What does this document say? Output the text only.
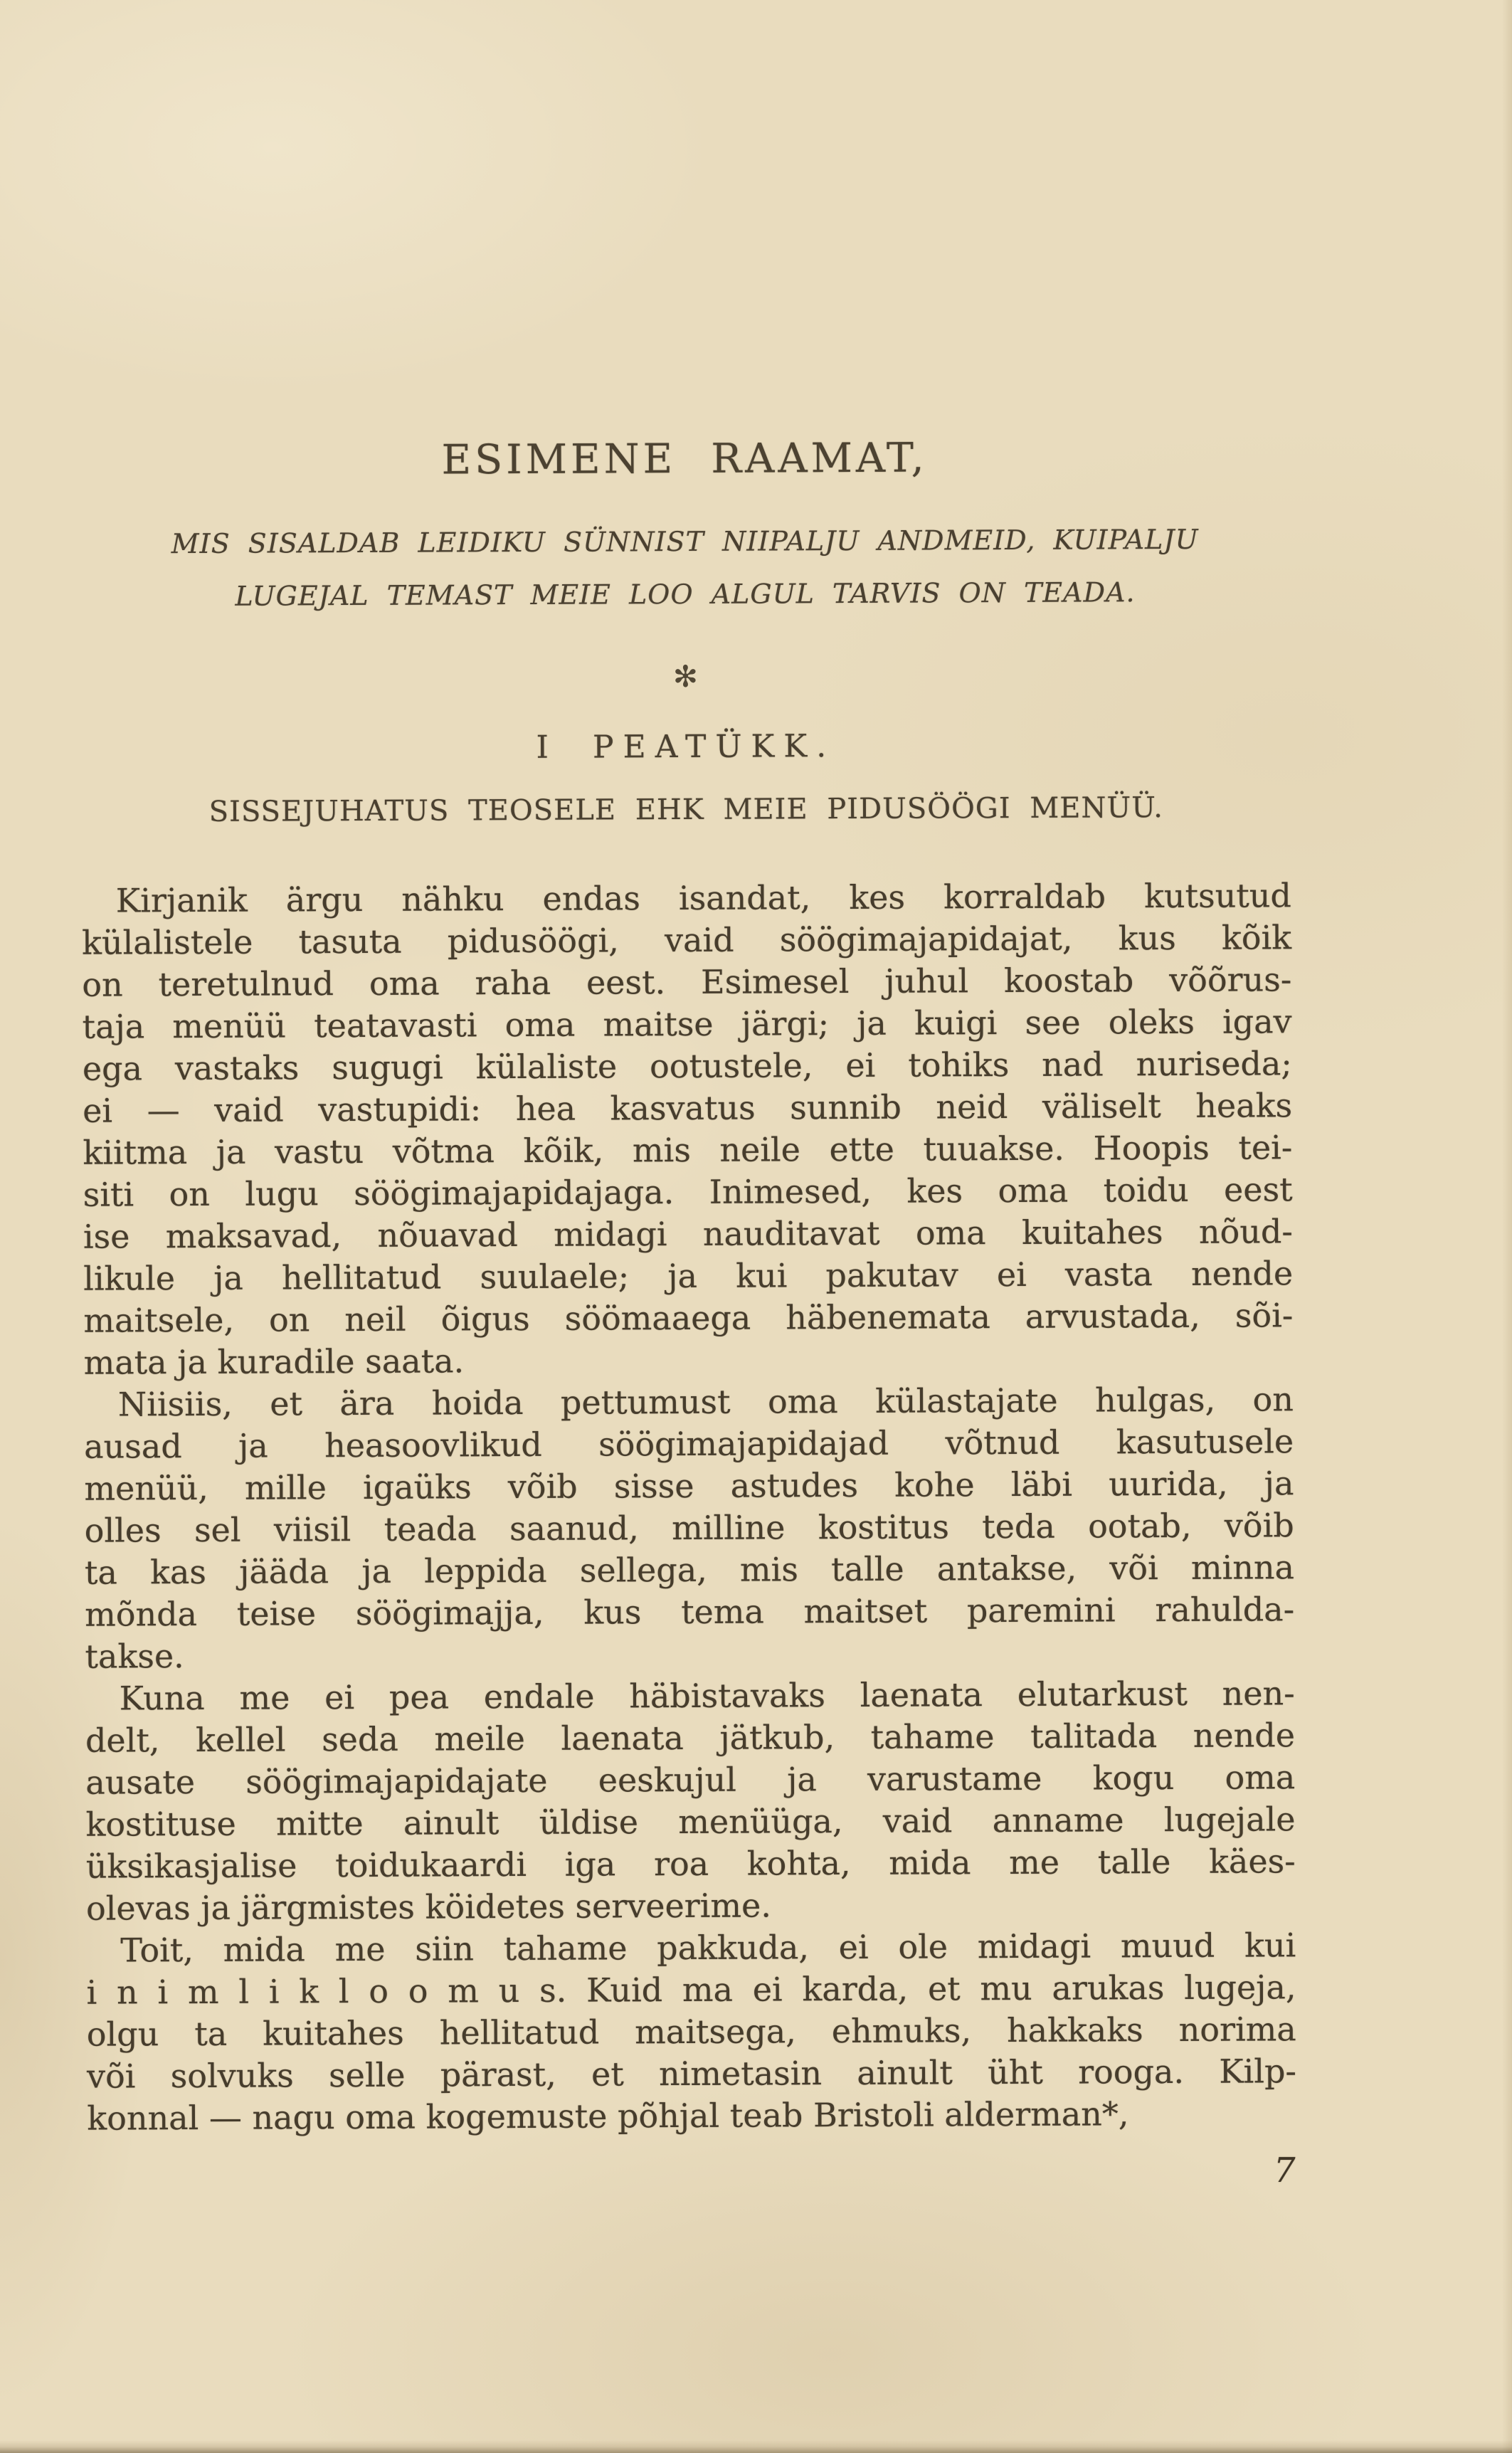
ESIMENE RAAMAT,

MIS SISALDAB LEIDIKU SÜNNIST NIIPALJU ANDMEID, KUIPALJU
LUGEJAL TEMAST MEIE LOO ALGUL TARVIS ON TEADA.

✻
I PEATÜKK.
SISSEJUHATUS TEOSELE EHK MEIE PIDUSÖÖGI MENÜÜ.

Kirjanik ärgu nähku endas isandat, kes korraldab kutsutud
külalistele tasuta pidusöögi, vaid söögimajapidajat, kus kõik
on teretulnud oma raha eest. Esimesel juhul koostab võõrus-
taja menüü teatavasti oma maitse järgi; ja kuigi see oleks igav
ega vastaks sugugi külaliste ootustele, ei tohiks nad nuriseda;
ei — vaid vastupidi: hea kasvatus sunnib neid väliselt heaks
kiitma ja vastu võtma kõik, mis neile ette tuuakse. Hoopis tei-
siti on lugu söögimajapidajaga. Inimesed, kes oma toidu eest
ise maksavad, nõuavad midagi nauditavat oma kuitahes nõud-
likule ja hellitatud suulaele; ja kui pakutav ei vasta nende
maitsele, on neil õigus söömaaega häbenemata arvustada, sõi-
mata ja kuradile saata.

Niisiis, et ära hoida pettumust oma külastajate hulgas, on
ausad ja heasoovlikud söögimajapidajad võtnud kasutusele
menüü, mille igaüks võib sisse astudes kohe läbi uurida, ja
olles sel viisil teada saanud, milline kostitus teda ootab, võib
ta kas jääda ja leppida sellega, mis talle antakse, või minna
mõnda teise söögimajja, kus tema maitset paremini rahulda-
takse.

Kuna me ei pea endale häbistavaks laenata elutarkust nen-
delt, kellel seda meile laenata jätkub, tahame talitada nende
ausate söögimajapidajate eeskujul ja varustame kogu oma
kostituse mitte ainult üldise menüüga, vaid anname lugejale
üksikasjalise toidukaardi iga roa kohta, mida me talle käes-
olevas ja järgmistes köidetes serveerime.

Toit, mida me siin tahame pakkuda, ei ole midagi muud kui
i n i m l i k l o o m u s. Kuid ma ei karda, et mu arukas lugeja,
olgu ta kuitahes hellitatud maitsega, ehmuks, hakkaks norima
või solvuks selle pärast, et nimetasin ainult üht rooga. Kilp-
konnal — nagu oma kogemuste põhjal teab Bristoli alderman*,

7
